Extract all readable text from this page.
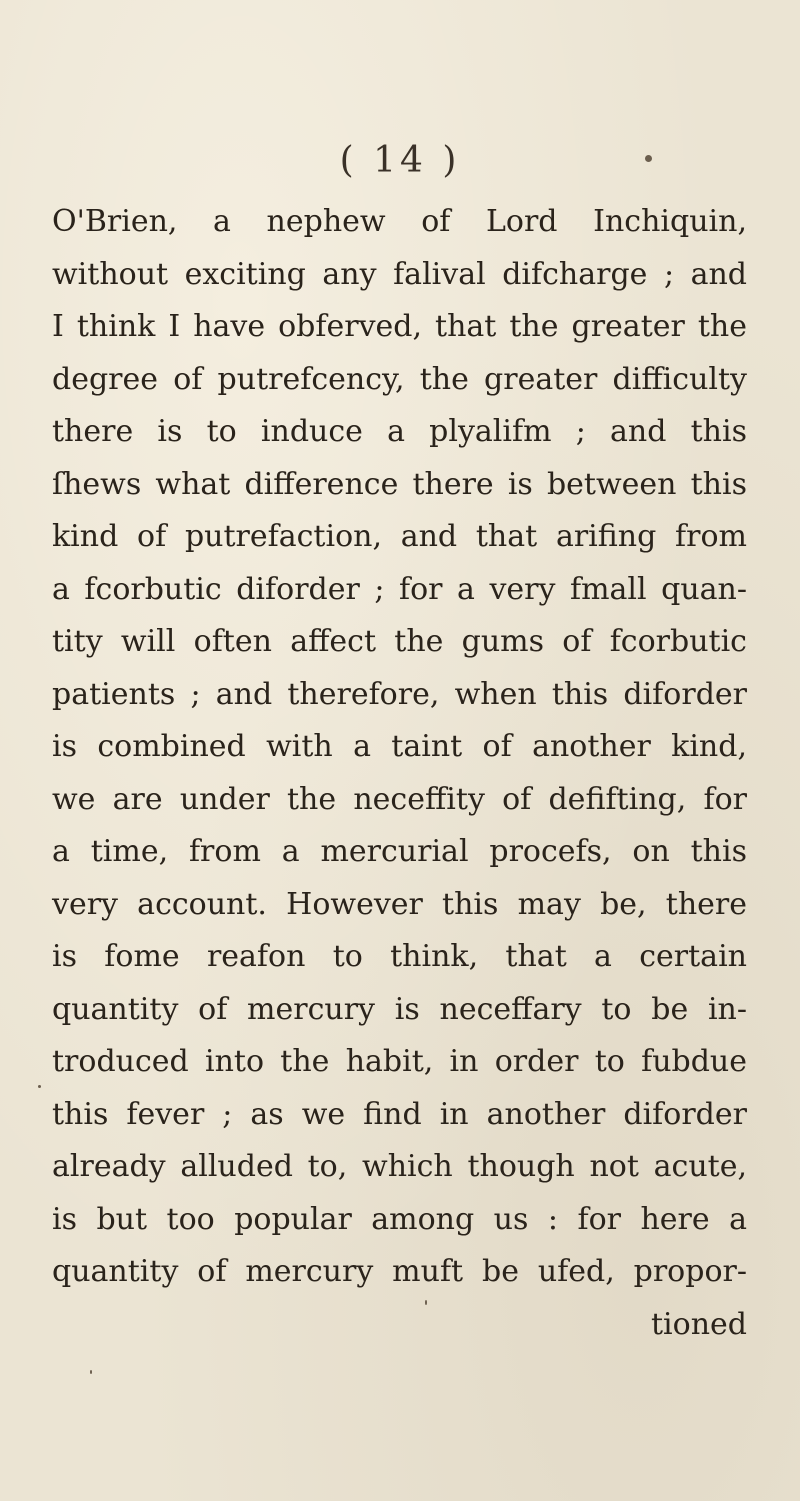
( 14 )
O'Brien, a nephew of Lord Inchiquin,
without exciting any falival difcharge ; and
I think I have obferved, that the greater the
degree of putrefcency, the greater difficulty
there is to induce a plyalifm ; and this
ſhews what difference there is between this
kind of putrefaction, and that arifing from
a fcorbutic diforder ; for a very fmall quan-
tity will often affect the gums of fcorbutic
patients ; and therefore, when this diforder
is combined with a taint of another kind,
we are under the neceffity of defifting, for
a time, from a mercurial procefs, on this
very account. However this may be, there
is fome reafon to think, that a certain
quantity of mercury is neceffary to be in-
troduced into the habit, in order to fubdue
this fever ; as we find in another diforder
already alluded to, which though not acute,
is but too popular among us : for here a
quantity of mercury muft be ufed, propor-
tioned
